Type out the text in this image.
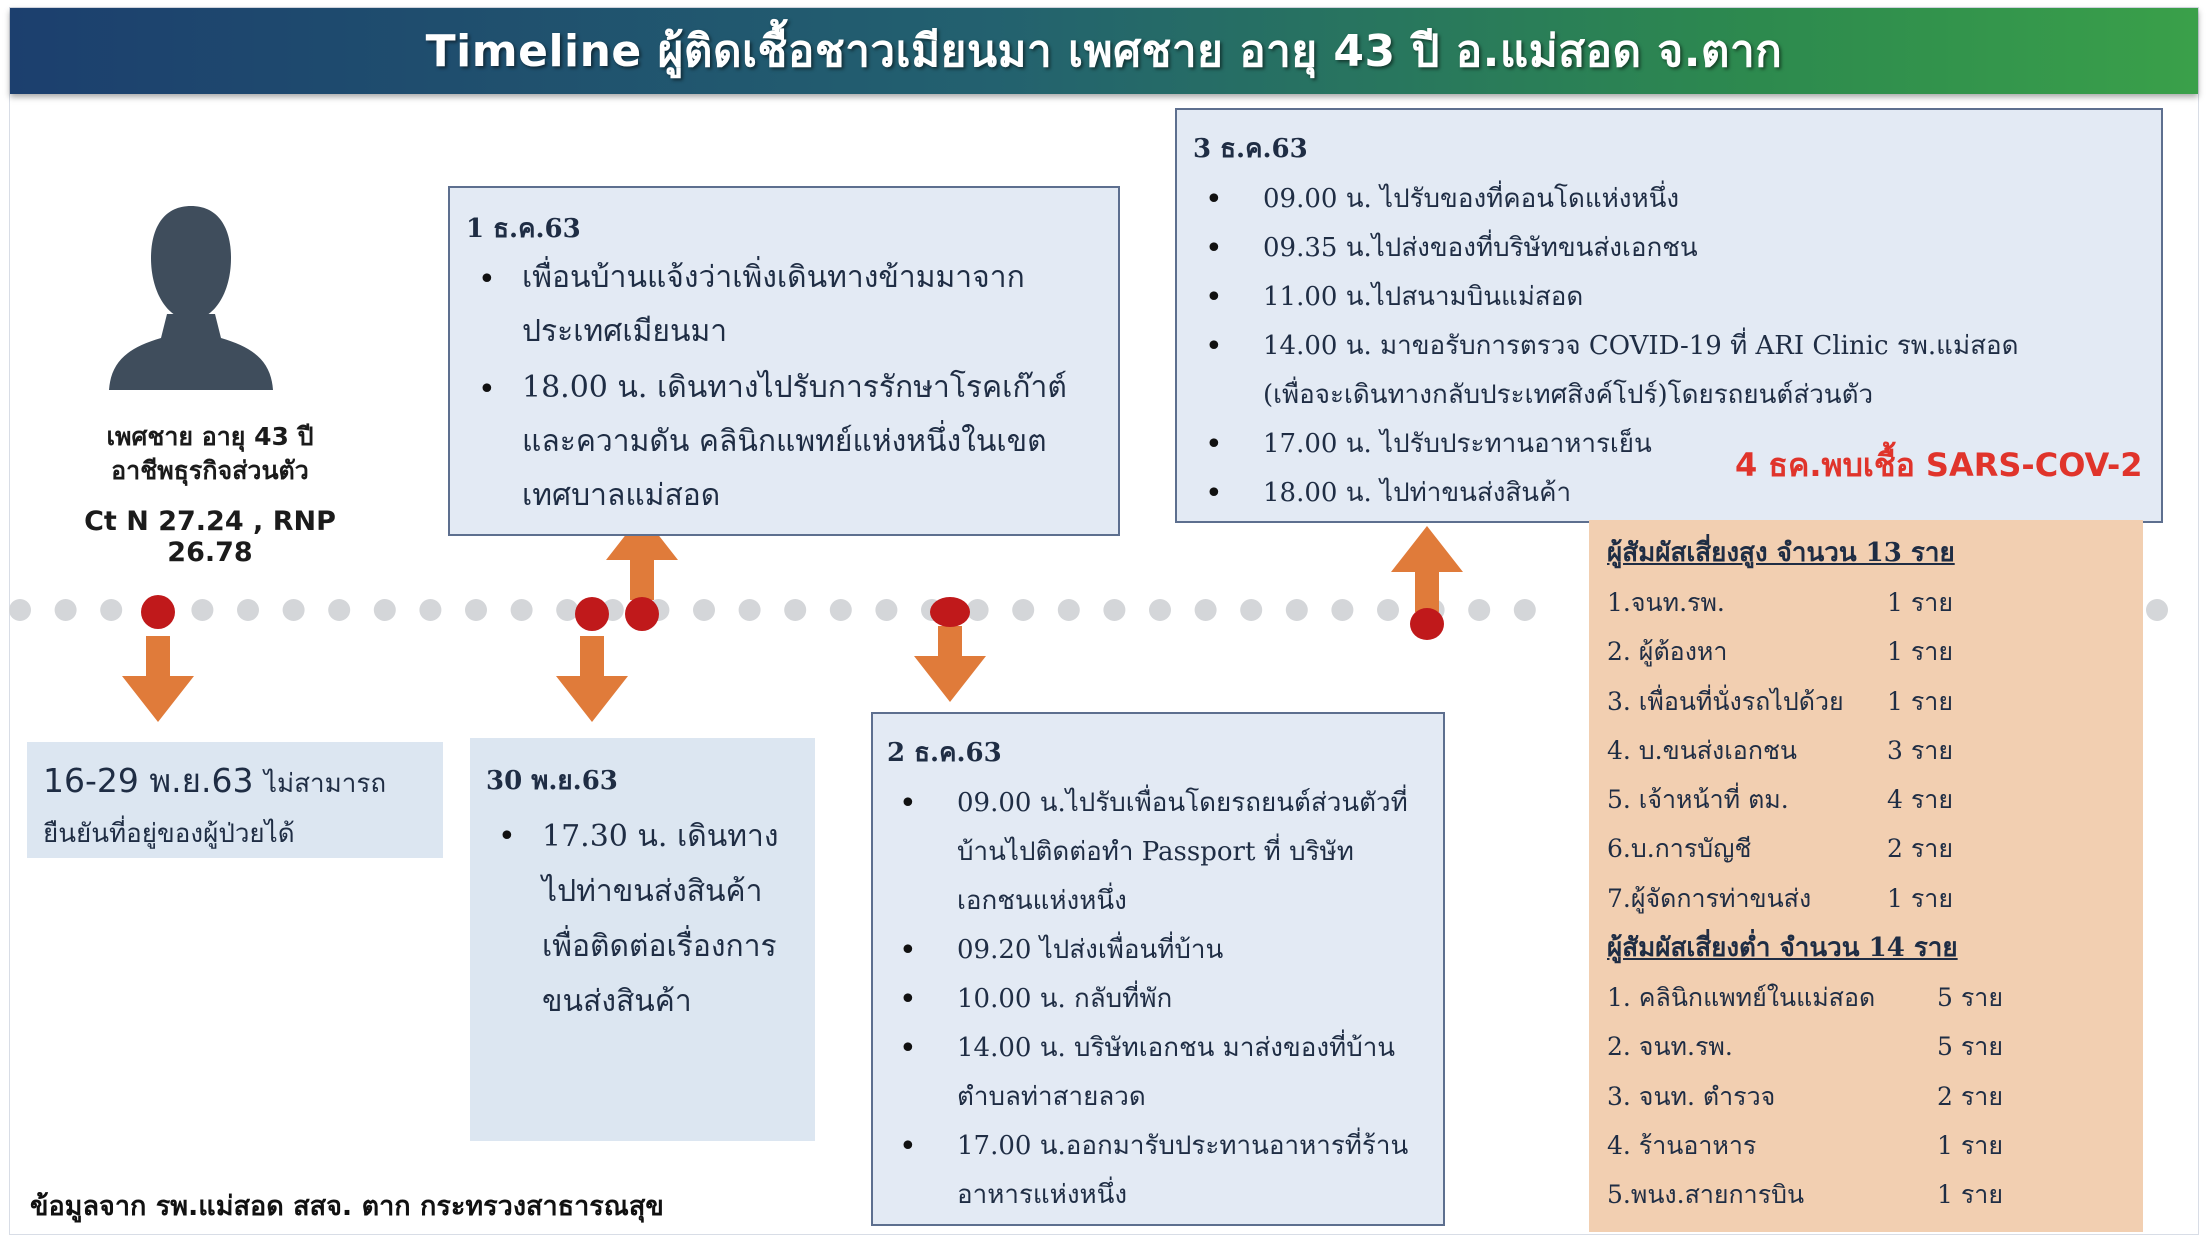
Timeline ผู้ติดเชื้อชาวเมียนมา เพศชาย อายุ 43 ปี อ.แม่สอด จ.ตาก
เพศชาย อายุ 43 ปี
อาชีพธุรกิจส่วนตัว
Ct N 27.24 , RNP 26.78
1 ธ.ค.63
• เพื่อนบ้านแจ้งว่าเพิ่งเดินทางข้ามมาจากประเทศเมียนมา
• 18.00 น. เดินทางไปรับการรักษาโรคเก๊าต์และความดัน คลินิกแพทย์แห่งหนึ่งในเขตเทศบาลแม่สอด
3 ธ.ค.63
• 09.00 น. ไปรับของที่คอนโดแห่งหนึ่ง
• 09.35 น.ไปส่งของที่บริษัทขนส่งเอกชน
• 11.00 น.ไปสนามบินแม่สอด
• 14.00 น. มาขอรับการตรวจ COVID-19 ที่ ARI Clinic รพ.แม่สอด
(เพื่อจะเดินทางกลับประเทศสิงค์โปร์)โดยรถยนต์ส่วนตัว
• 17.00 น. ไปรับประทานอาหารเย็น
• 18.00 น. ไปท่าขนส่งสินค้า
4 ธค.พบเชื้อ SARS-COV-2
16-29 พ.ย.63 ไม่สามารถ
ยืนยันที่อยู่ของผู้ป่วยได้
30 พ.ย.63
• 17.30 น. เดินทางไปท่าขนส่งสินค้า เพื่อติดต่อเรื่องการขนส่งสินค้า
2 ธ.ค.63
• 09.00 น.ไปรับเพื่อนโดยรถยนต์ส่วนตัวที่บ้านไปติดต่อทำ Passport ที่ บริษัทเอกชนแห่งหนึ่ง
• 09.20 ไปส่งเพื่อนที่บ้าน
• 10.00 น. กลับที่พัก
• 14.00 น. บริษัทเอกชน มาส่งของที่บ้านตำบลท่าสายลวด
• 17.00 น.ออกมารับประทานอาหารที่ร้านอาหารแห่งหนึ่ง
ผู้สัมผัสเสี่ยงสูง จำนวน 13 ราย
1.จนท.รพ.	1 ราย
2. ผู้ต้องหา	1 ราย
3. เพื่อนที่นั่งรถไปด้วย	1 ราย
4. บ.ขนส่งเอกชน	3 ราย
5. เจ้าหน้าที่ ตม.	4 ราย
6.บ.การบัญชี	2 ราย
7.ผู้จัดการท่าขนส่ง	1 ราย
ผู้สัมผัสเสี่ยงต่ำ จำนวน 14 ราย
1. คลินิกแพทย์ในแม่สอด	5 ราย
2. จนท.รพ.	5 ราย
3. จนท. ตำรวจ	2 ราย
4. ร้านอาหาร	1 ราย
5.พนง.สายการบิน	1 ราย
ข้อมูลจาก รพ.แม่สอด สสจ. ตาก กระทรวงสาธารณสุข
